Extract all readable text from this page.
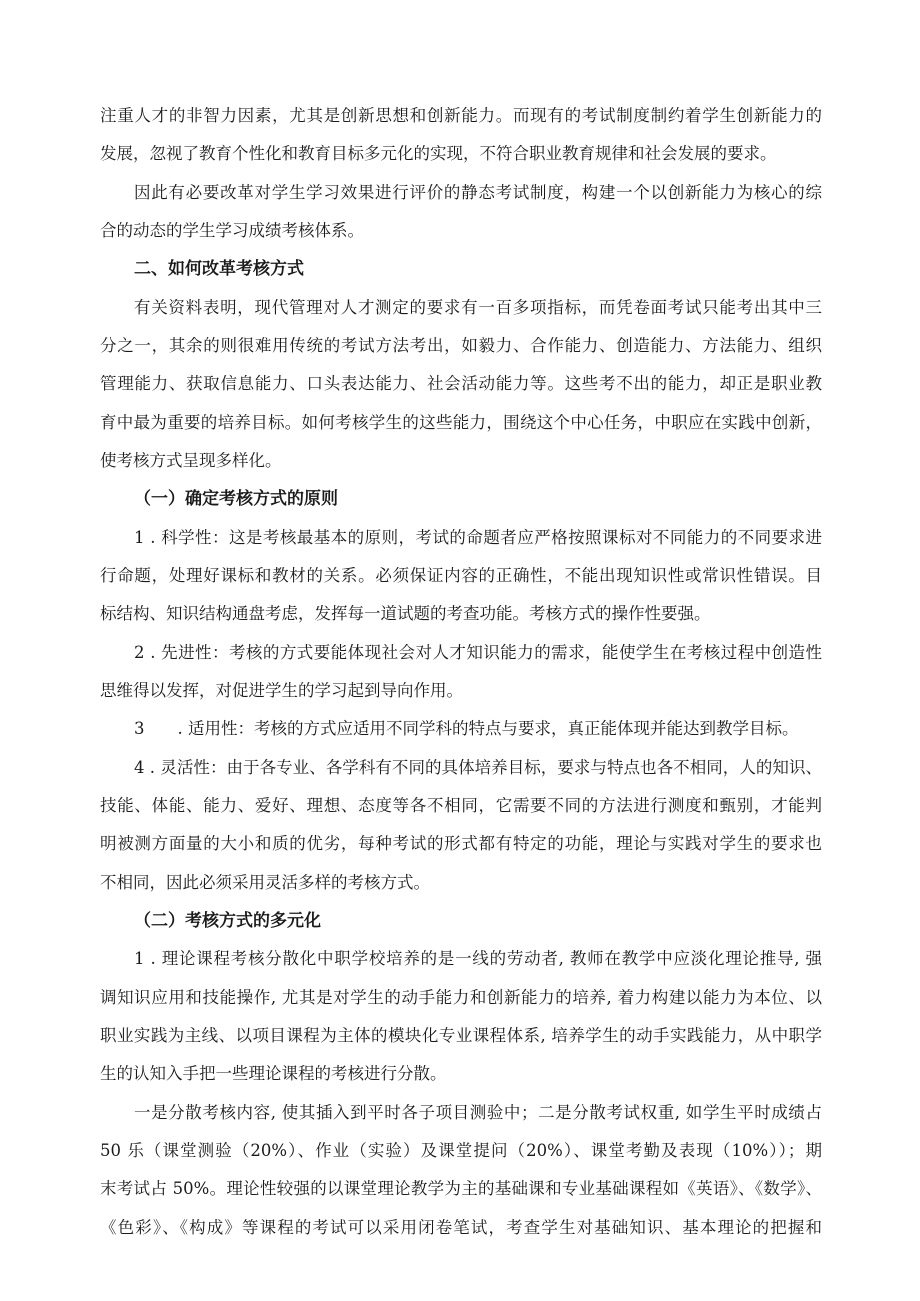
注重人才的非智力因素，尤其是创新思想和创新能力。而现有的考试制度制约着学生创新能力的
发展，忽视了教育个性化和教育目标多元化的实现，不符合职业教育规律和社会发展的要求。
因此有必要改革对学生学习效果进行评价的静态考试制度，构建一个以创新能力为核心的综
合的动态的学生学习成绩考核体系。
二、如何改革考核方式
有关资料表明，现代管理对人才测定的要求有一百多项指标，而凭卷面考试只能考出其中三
分之一，其余的则很难用传统的考试方法考出，如毅力、合作能力、创造能力、方法能力、组织
管理能力、获取信息能力、口头表达能力、社会活动能力等。这些考不出的能力，却正是职业教
育中最为重要的培养目标。如何考核学生的这些能力，围绕这个中心任务，中职应在实践中创新，
使考核方式呈现多样化。
（一）确定考核方式的原则
1 . 科学性：这是考核最基本的原则，考试的命题者应严格按照课标对不同能力的不同要求进
行命题，处理好课标和教材的关系。必须保证内容的正确性，不能出现知识性或常识性错误。目
标结构、知识结构通盘考虑，发挥每一道试题的考查功能。考核方式的操作性要强。
2 . 先进性：考核的方式要能体现社会对人才知识能力的需求，能使学生在考核过程中创造性
思维得以发挥，对促进学生的学习起到导向作用。
3　　. 适用性：考核的方式应适用不同学科的特点与要求，真正能体现并能达到教学目标。
4 . 灵活性：由于各专业、各学科有不同的具体培养目标，要求与特点也各不相同，人的知识、
技能、体能、能力、爱好、理想、态度等各不相同，它需要不同的方法进行测度和甄别，才能判
明被测方面量的大小和质的优劣，每种考试的形式都有特定的功能，理论与实践对学生的要求也
不相同，因此必须采用灵活多样的考核方式。
（二）考核方式的多元化
1 . 理论课程考核分散化中职学校培养的是一线的劳动者, 教师在教学中应淡化理论推导, 强
调知识应用和技能操作, 尤其是对学生的动手能力和创新能力的培养, 着力构建以能力为本位、以
职业实践为主线、以项目课程为主体的模块化专业课程体系, 培养学生的动手实践能力，从中职学
生的认知入手把一些理论课程的考核进行分散。
一是分散考核内容, 使其插入到平时各子项目测验中；二是分散考试权重, 如学生平时成绩占
50 乐（课堂测验（20%）、作业（实验）及课堂提问（20%）、课堂考勤及表现（10%））；期
末考试占 50%。理论性较强的以课堂理论教学为主的基础课和专业基础课程如《英语》、《数学》、
《色彩》、《构成》等课程的考试可以采用闭卷笔试，考查学生对基础知识、基本理论的把握和
